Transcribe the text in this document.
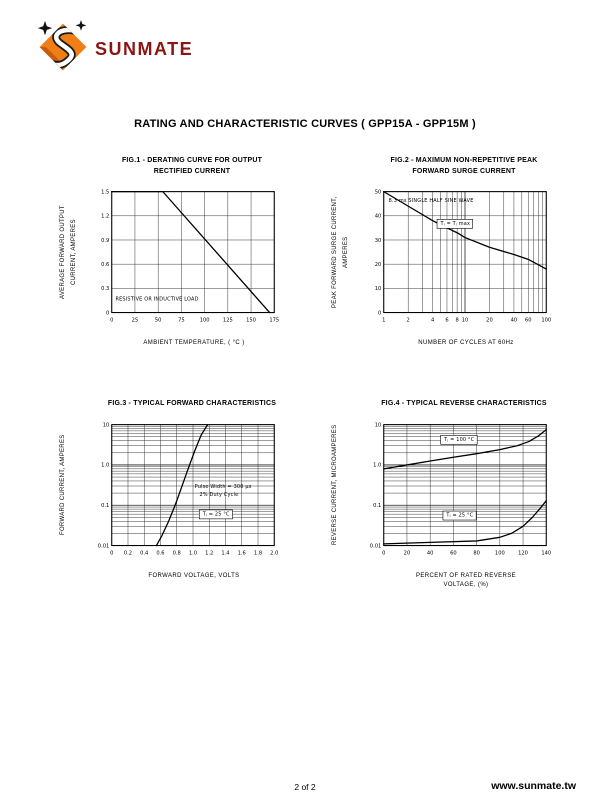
sunmate
RATING AND CHARACTERISTIC CURVES ( GPP15A - GPP15M )
FIG.1 - DERATING CURVE FOR OUTPUT RECTIFIED CURRENT
AVERAGE FORWARD OUTPUT CURRENT, AMPERES
0	25	50	75	100	125	150	175
0
0.3
0.6
0.9
1.2
1.5
RESISTIVE OR INDUCTIVE LOAD
AMBIENT TEMPERATURE, ( °C )
FIG.2 - MAXIMUM NON-REPETITIVE PEAK FORWARD SURGE CURRENT
PEAK FORWARD SURGE CURRENT, AMPERES
1	2	4 6 8 10	20	40 60 100
0
10
20
30
40
50
8.3 ms SINGLE HALF SINE WAVE
Tⱼ = Tⱼ max
NUMBER OF CYCLES AT 60Hz
FIG.3 - TYPICAL FORWARD CHARACTERISTICS
FORWARD CURRENT, AMPERES
0 0.2 0.4 0.6 0.8 1.0 1.2 1.4 1.6 1.8 2.0
0.01
0.1
1.0
10
Pulse Width = 300 μs
2% Duty Cycle
Tⱼ = 25 °C
FORWARD VOLTAGE, VOLTS
FIG.4 - TYPICAL REVERSE CHARACTERISTICS
REVERSE CURRENT, MICROAMPERES
0	20	40	60	80	100	120	140
0.01
0.1
1.0
10
Tⱼ = 100 °C
Tⱼ = 25 °C
PERCENT OF RATED REVERSE VOLTAGE, (%)
2 of 2	www.sunmate.tw
